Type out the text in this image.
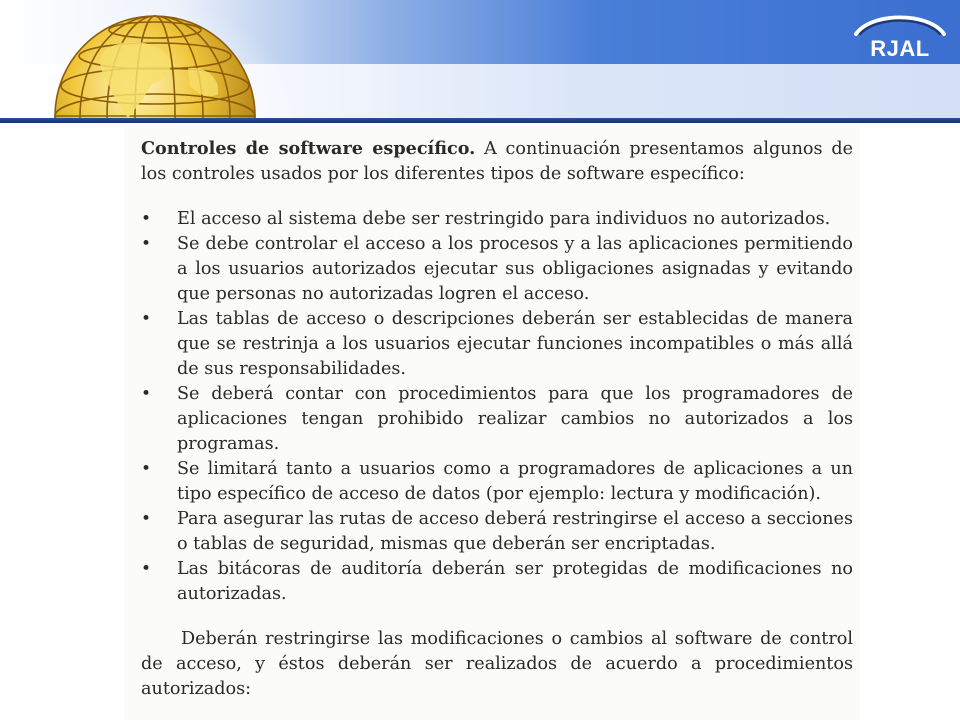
RJAL

Controles de software específico. A continuación presentamos algunos de los controles usados por los diferentes tipos de software específico:

•	El acceso al sistema debe ser restringido para individuos no autorizados.
•	Se debe controlar el acceso a los procesos y a las aplicaciones permitiendo a los usuarios autorizados ejecutar sus obligaciones asignadas y evitando que personas no autorizadas logren el acceso.
•	Las tablas de acceso o descripciones deberán ser establecidas de manera que se restrinja a los usuarios ejecutar funciones incompatibles o más allá de sus responsabilidades.
•	Se deberá contar con procedimientos para que los programadores de aplicaciones tengan prohibido realizar cambios no autorizados a los programas.
•	Se limitará tanto a usuarios como a programadores de aplicaciones a un tipo específico de acceso de datos (por ejemplo: lectura y modificación).
•	Para asegurar las rutas de acceso deberá restringirse el acceso a secciones o tablas de seguridad, mismas que deberán ser encriptadas.
•	Las bitácoras de auditoría deberán ser protegidas de modificaciones no autorizadas.

Deberán restringirse las modificaciones o cambios al software de control de acceso, y éstos deberán ser realizados de acuerdo a procedimientos autorizados:
